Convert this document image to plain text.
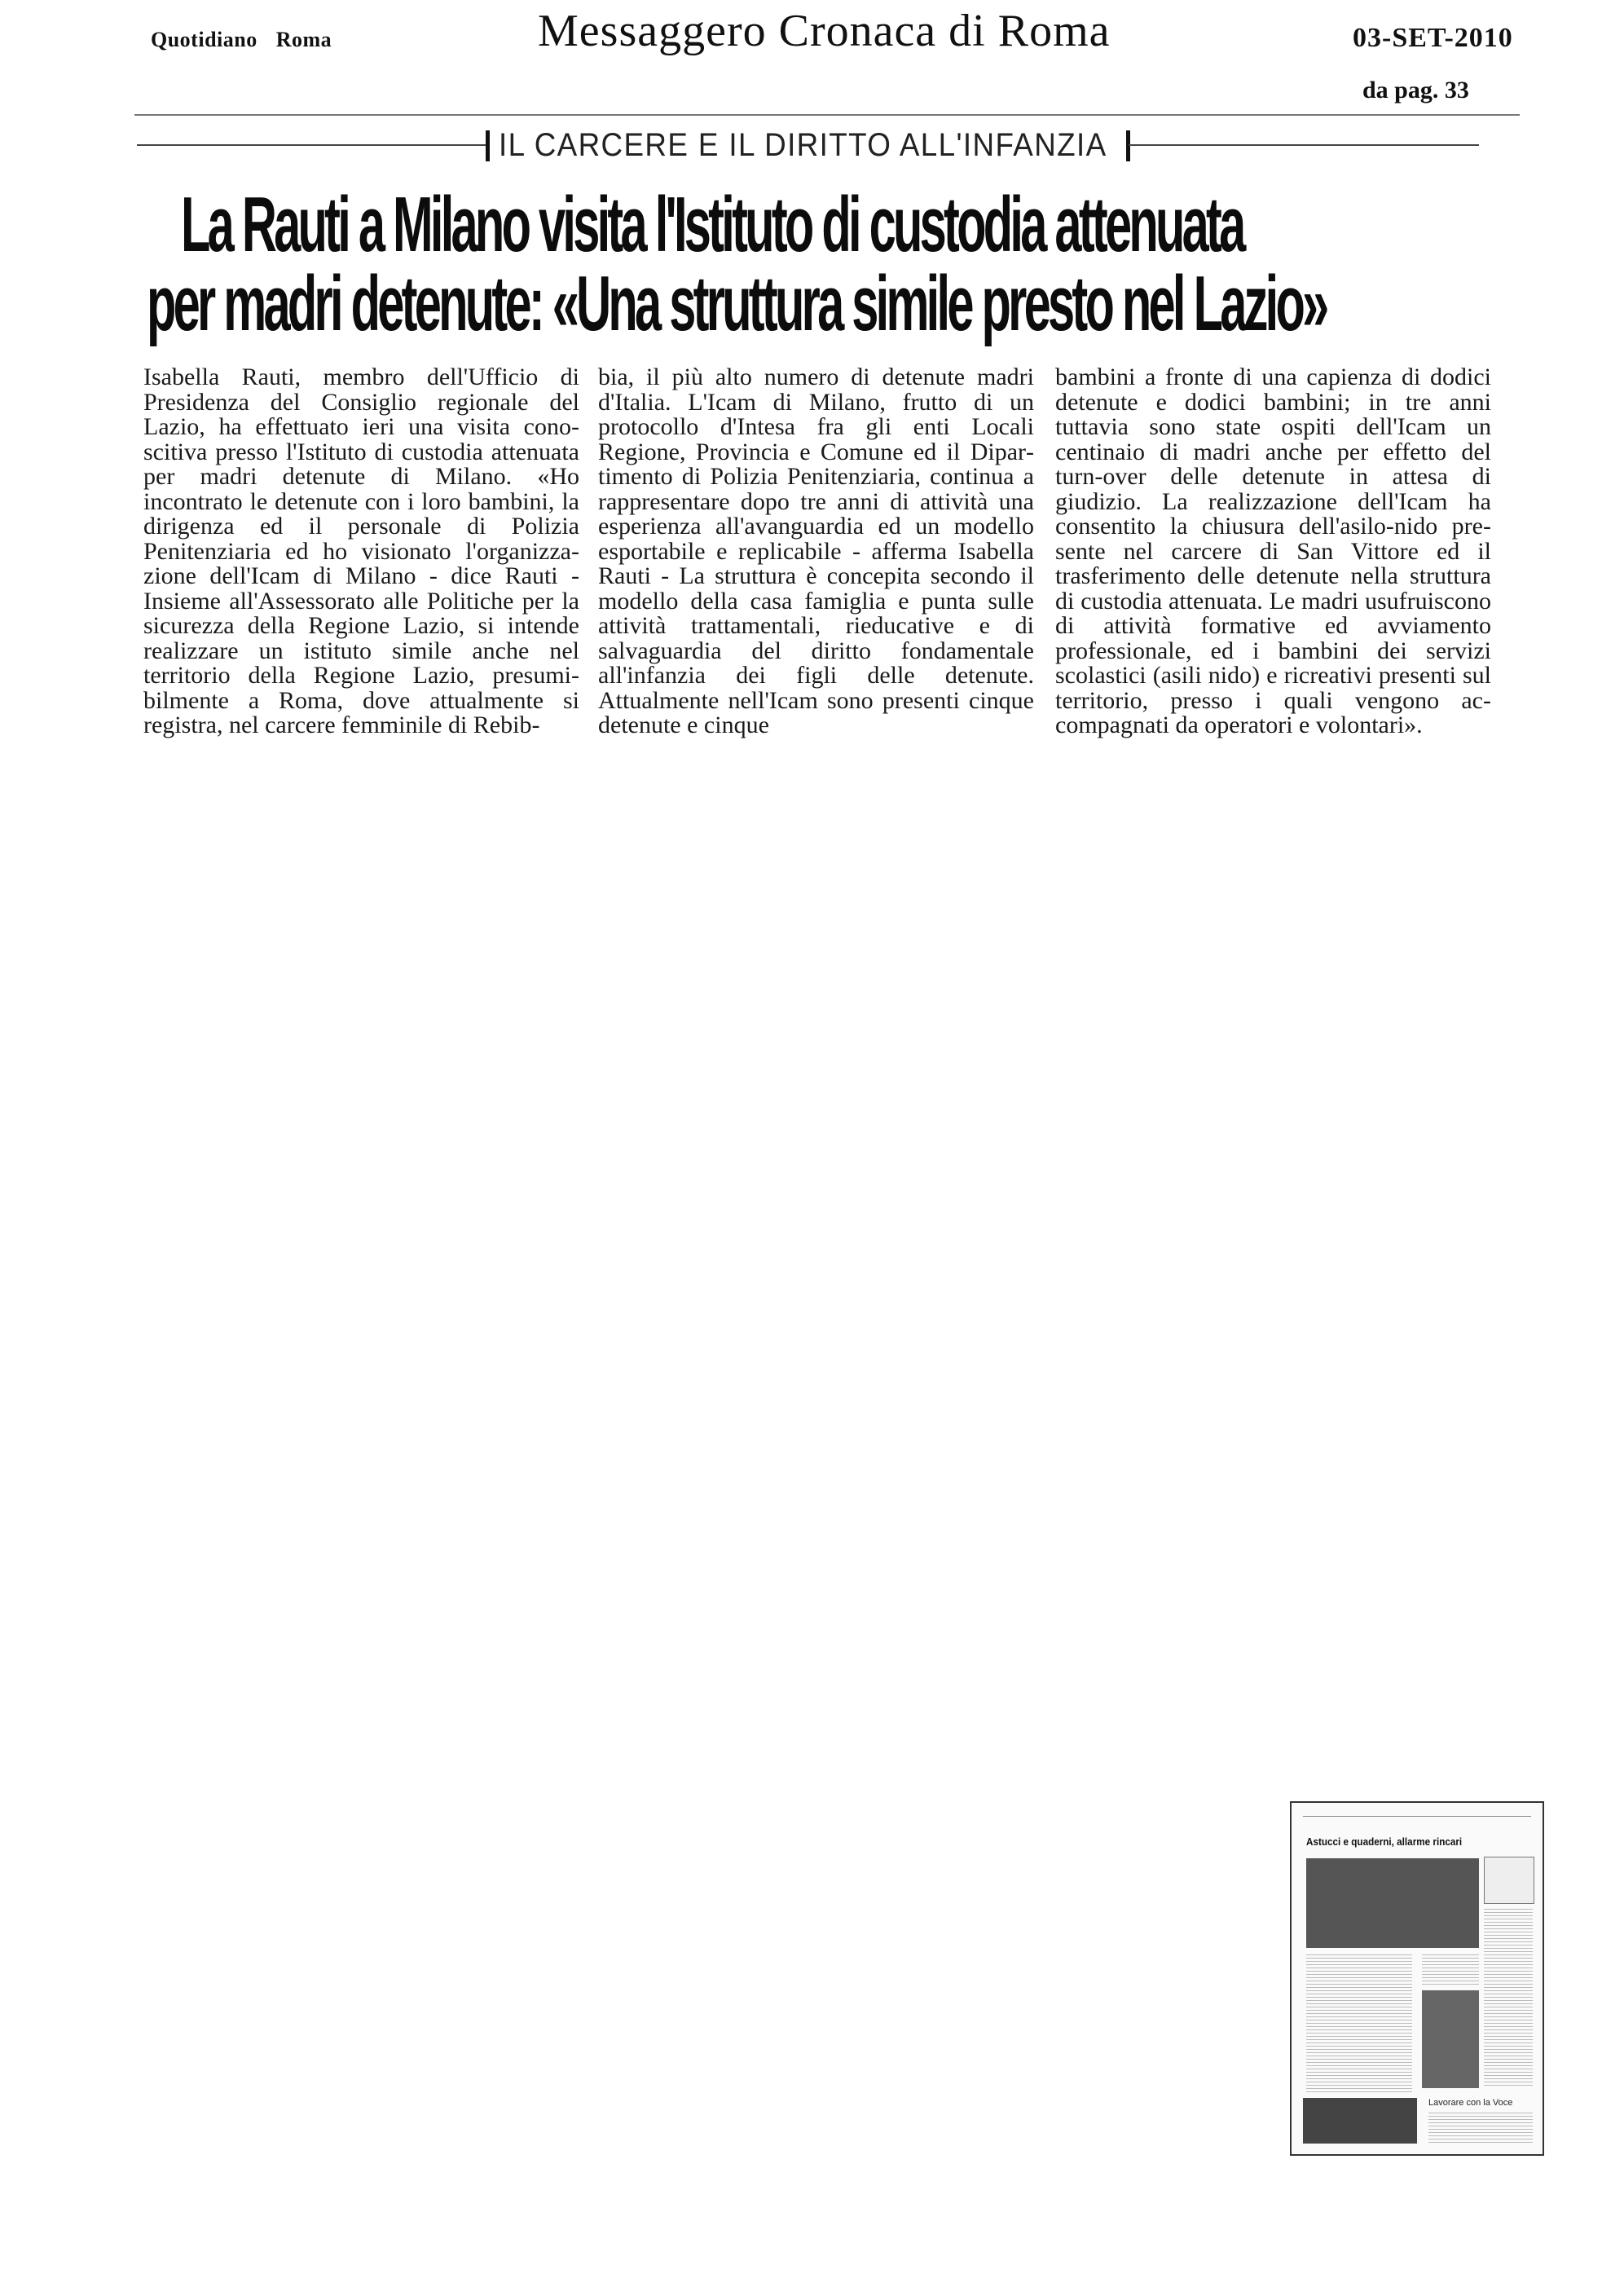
Quotidiano Roma	Messaggero Cronaca di Roma	03-SET-2010
da pag. 33
IL CARCERE E IL DIRITTO ALL'INFANZIA
La Rauti a Milano visita l'Istituto di custodia attenuata
per madri detenute: «Una struttura simile presto nel Lazio»
Isabella Rauti, membro dell'Ufficio di Presidenza del Consiglio regionale del Lazio, ha effettuato ieri una visita conoscitiva presso l'Istituto di custodia attenuata per madri detenute di Milano. «Ho incontrato le detenute con i loro bambini, la dirigenza ed il personale di Polizia Penitenziaria ed ho visionato l'organizzazione dell'Icam di Milano - dice Rauti - Insieme all'Assessorato alle Politiche per la sicurezza della Regione Lazio, si intende realizzare un istituto simile anche nel territorio della Regione Lazio, presumibilmente a Roma, dove attualmente si registra, nel carcere femminile di Rebib-
bia, il più alto numero di detenute madri d'Italia. L'Icam di Milano, frutto di un protocollo d'Intesa fra gli enti Locali Regione, Provincia e Comune ed il Dipartimento di Polizia Penitenziaria, continua a rappresentare dopo tre anni di attività una esperienza all'avanguardia ed un modello esportabile e replicabile - afferma Isabella Rauti - La struttura è concepita secondo il modello della casa famiglia e punta sulle attività trattamentali, rieducative e di salvaguardia del diritto fondamentale all'infanzia dei figli delle detenute. Attualmente nell'Icam sono presenti cinque detenute e cinque
bambini a fronte di una capienza di dodici detenute e dodici bambini; in tre anni tuttavia sono state ospiti dell'Icam un centinaio di madri anche per effetto del turn-over delle detenute in attesa di giudizio. La realizzazione dell'Icam ha consentito la chiusura dell'asilo-nido presente nel carcere di San Vittore ed il trasferimento delle detenute nella struttura di custodia attenuata. Le madri usufruiscono di attività formative ed avviamento professionale, ed i bambini dei servizi scolastici (asili nido) e ricreativi presenti sul territorio, presso i quali vengono accompagnati da operatori e volontari».
Astucci e quaderni, allarme rincari
Lavorare con la Voce
